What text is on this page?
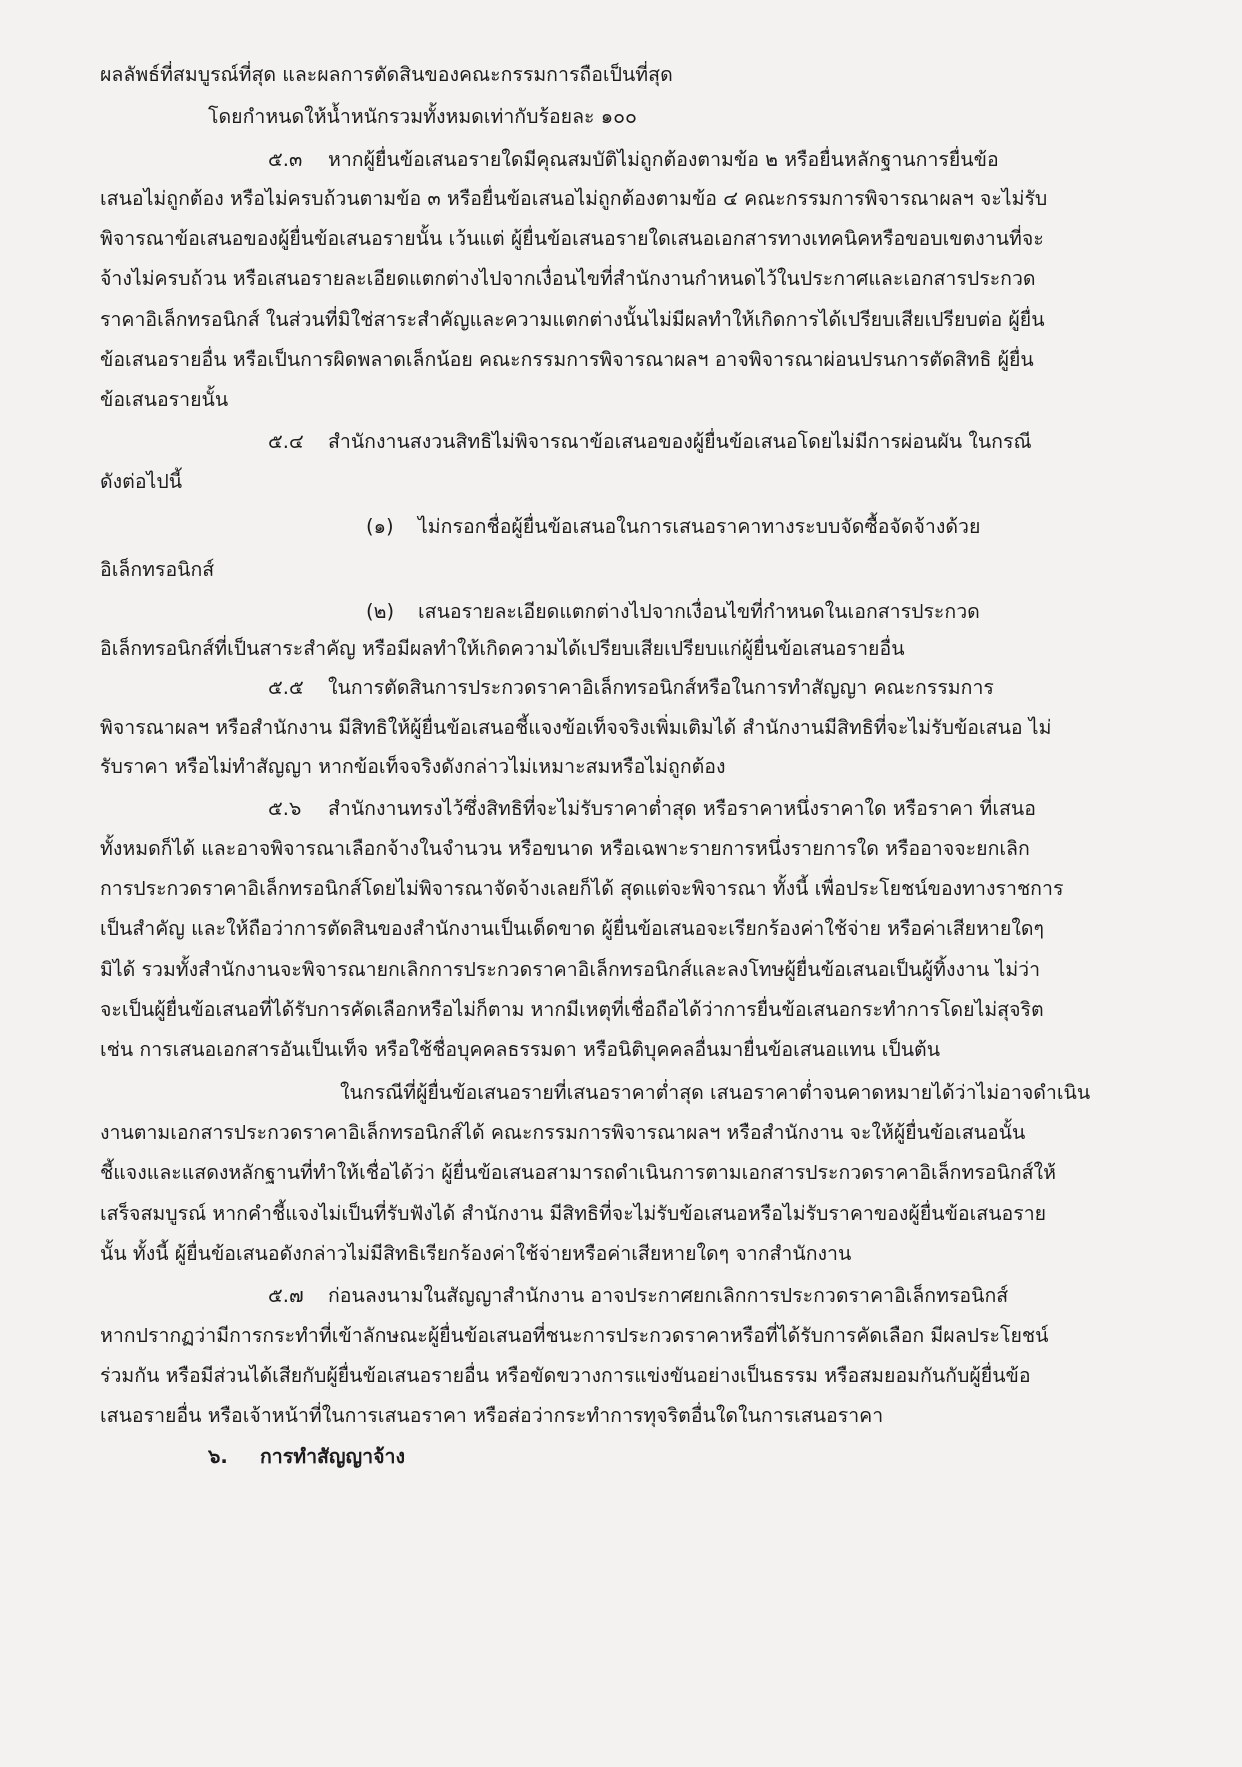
ผลลัพธ์ที่สมบูรณ์ที่สุด และผลการตัดสินของคณะกรรมการถือเป็นที่สุด

โดยกำหนดให้น้ำหนักรวมทั้งหมดเท่ากับร้อยละ ๑๐๐

๕.๓ หากผู้ยื่นข้อเสนอรายใดมีคุณสมบัติไม่ถูกต้องตามข้อ ๒ หรือยื่นหลักฐานการยื่นข้อ

เสนอไม่ถูกต้อง หรือไม่ครบถ้วนตามข้อ ๓ หรือยื่นข้อเสนอไม่ถูกต้องตามข้อ ๔ คณะกรรมการพิจารณาผลฯ จะไม่รับ

พิจารณาข้อเสนอของผู้ยื่นข้อเสนอรายนั้น เว้นแต่ ผู้ยื่นข้อเสนอรายใดเสนอเอกสารทางเทคนิคหรือขอบเขตงานที่จะ

จ้างไม่ครบถ้วน หรือเสนอรายละเอียดแตกต่างไปจากเงื่อนไขที่สำนักงานกำหนดไว้ในประกาศและเอกสารประกวด

ราคาอิเล็กทรอนิกส์ ในส่วนที่มิใช่สาระสำคัญและความแตกต่างนั้นไม่มีผลทำให้เกิดการได้เปรียบเสียเปรียบต่อ ผู้ยื่น

ข้อเสนอรายอื่น หรือเป็นการผิดพลาดเล็กน้อย คณะกรรมการพิจารณาผลฯ อาจพิจารณาผ่อนปรนการตัดสิทธิ ผู้ยื่น

ข้อเสนอรายนั้น

๕.๔ สำนักงานสงวนสิทธิไม่พิจารณาข้อเสนอของผู้ยื่นข้อเสนอโดยไม่มีการผ่อนผัน ในกรณี

ดังต่อไปนี้

(๑) ไม่กรอกชื่อผู้ยื่นข้อเสนอในการเสนอราคาทางระบบจัดซื้อจัดจ้างด้วย

อิเล็กทรอนิกส์

(๒) เสนอรายละเอียดแตกต่างไปจากเงื่อนไขที่กำหนดในเอกสารประกวด

อิเล็กทรอนิกส์ที่เป็นสาระสำคัญ หรือมีผลทำให้เกิดความได้เปรียบเสียเปรียบแก่ผู้ยื่นข้อเสนอรายอื่น

๕.๕ ในการตัดสินการประกวดราคาอิเล็กทรอนิกส์หรือในการทำสัญญา คณะกรรมการ

พิจารณาผลฯ หรือสำนักงาน มีสิทธิให้ผู้ยื่นข้อเสนอชี้แจงข้อเท็จจริงเพิ่มเติมได้ สำนักงานมีสิทธิที่จะไม่รับข้อเสนอ ไม่

รับราคา หรือไม่ทำสัญญา หากข้อเท็จจริงดังกล่าวไม่เหมาะสมหรือไม่ถูกต้อง

๕.๖ สำนักงานทรงไว้ซึ่งสิทธิที่จะไม่รับราคาต่ำสุด หรือราคาหนึ่งราคาใด หรือราคา ที่เสนอ

ทั้งหมดก็ได้ และอาจพิจารณาเลือกจ้างในจำนวน หรือขนาด หรือเฉพาะรายการหนึ่งรายการใด หรืออาจจะยกเลิก

การประกวดราคาอิเล็กทรอนิกส์โดยไม่พิจารณาจัดจ้างเลยก็ได้ สุดแต่จะพิจารณา ทั้งนี้ เพื่อประโยชน์ของทางราชการ

เป็นสำคัญ และให้ถือว่าการตัดสินของสำนักงานเป็นเด็ดขาด ผู้ยื่นข้อเสนอจะเรียกร้องค่าใช้จ่าย หรือค่าเสียหายใดๆ

มิได้ รวมทั้งสำนักงานจะพิจารณายกเลิกการประกวดราคาอิเล็กทรอนิกส์และลงโทษผู้ยื่นข้อเสนอเป็นผู้ทิ้งงาน ไม่ว่า

จะเป็นผู้ยื่นข้อเสนอที่ได้รับการคัดเลือกหรือไม่ก็ตาม หากมีเหตุที่เชื่อถือได้ว่าการยื่นข้อเสนอกระทำการโดยไม่สุจริต

เช่น การเสนอเอกสารอันเป็นเท็จ หรือใช้ชื่อบุคคลธรรมดา หรือนิติบุคคลอื่นมายื่นข้อเสนอแทน เป็นต้น

ในกรณีที่ผู้ยื่นข้อเสนอรายที่เสนอราคาต่ำสุด เสนอราคาต่ำจนคาดหมายได้ว่าไม่อาจดำเนิน

งานตามเอกสารประกวดราคาอิเล็กทรอนิกส์ได้ คณะกรรมการพิจารณาผลฯ หรือสำนักงาน จะให้ผู้ยื่นข้อเสนอนั้น

ชี้แจงและแสดงหลักฐานที่ทำให้เชื่อได้ว่า ผู้ยื่นข้อเสนอสามารถดำเนินการตามเอกสารประกวดราคาอิเล็กทรอนิกส์ให้

เสร็จสมบูรณ์ หากคำชี้แจงไม่เป็นที่รับฟังได้ สำนักงาน มีสิทธิที่จะไม่รับข้อเสนอหรือไม่รับราคาของผู้ยื่นข้อเสนอราย

นั้น ทั้งนี้ ผู้ยื่นข้อเสนอดังกล่าวไม่มีสิทธิเรียกร้องค่าใช้จ่ายหรือค่าเสียหายใดๆ จากสำนักงาน

๕.๗ ก่อนลงนามในสัญญาสำนักงาน อาจประกาศยกเลิกการประกวดราคาอิเล็กทรอนิกส์

หากปรากฏว่ามีการกระทำที่เข้าลักษณะผู้ยื่นข้อเสนอที่ชนะการประกวดราคาหรือที่ได้รับการคัดเลือก มีผลประโยชน์

ร่วมกัน หรือมีส่วนได้เสียกับผู้ยื่นข้อเสนอรายอื่น หรือขัดขวางการแข่งขันอย่างเป็นธรรม หรือสมยอมกันกับผู้ยื่นข้อ

เสนอรายอื่น หรือเจ้าหน้าที่ในการเสนอราคา หรือส่อว่ากระทำการทุจริตอื่นใดในการเสนอราคา

๖. การทำสัญญาจ้าง
